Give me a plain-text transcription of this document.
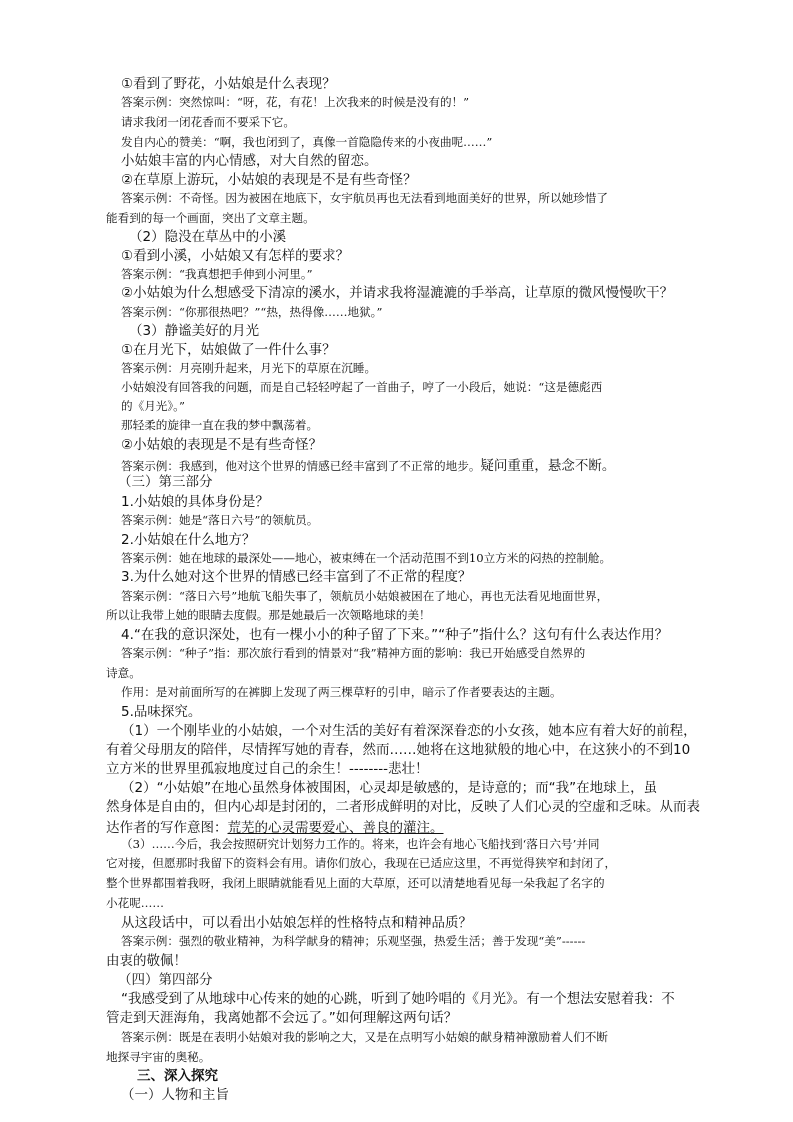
①看到了野花，小姑娘是什么表现？
答案示例：突然惊叫：“呀，花，有花！上次我来的时候是没有的！”
请求我闭一闭花香而不要采下它。
发自内心的赞美：“啊，我也闭到了，真像一首隐隐传来的小夜曲呢……”
小姑娘丰富的内心情感，对大自然的留恋。
②在草原上游玩，小姑娘的表现是不是有些奇怪？
答案示例：不奇怪。因为被困在地底下，女宇航员再也无法看到地面美好的世界，所以她珍惜了
能看到的每一个画面，突出了文章主题。
（2）隐没在草丛中的小溪
①看到小溪，小姑娘又有怎样的要求？
答案示例：“我真想把手伸到小河里。”
②小姑娘为什么想感受下清凉的溪水，并请求我将湿漉漉的手举高，让草原的微风慢慢吹干？
答案示例：“你那很热吧？”“热，热得像……地狱。”
（3）静谧美好的月光
①在月光下，姑娘做了一件什么事？
答案示例：月亮刚升起来，月光下的草原在沉睡。
小姑娘没有回答我的问题，而是自己轻轻哼起了一首曲子，哼了一小段后，她说：“这是德彪西
的《月光》。”
那轻柔的旋律一直在我的梦中飘荡着。
②小姑娘的表现是不是有些奇怪？
答案示例：我感到，他对这个世界的情感已经丰富到了不正常的地步。疑问重重，悬念不断。
（三）第三部分
1.小姑娘的具体身份是？
答案示例：她是“落日六号”的领航员。
2.小姑娘在什么地方？
答案示例：她在地球的最深处——地心，被束缚在一个活动范围不到10立方米的闷热的控制舱。
3.为什么她对这个世界的情感已经丰富到了不正常的程度？
答案示例：“落日六号”地航飞船失事了，领航员小姑娘被困在了地心，再也无法看见地面世界，
所以让我带上她的眼睛去度假。那是她最后一次领略地球的美！
4.“在我的意识深处，也有一棵小小的种子留了下来。”“种子”指什么？这句有什么表达作用？
答案示例：“种子”指：那次旅行看到的情景对“我”精神方面的影响：我已开始感受自然界的
诗意。
作用：是对前面所写的在裤脚上发现了两三棵草籽的引申，暗示了作者要表达的主题。
5.品味探究。
（1）一个刚毕业的小姑娘，一个对生活的美好有着深深眷恋的小女孩，她本应有着大好的前程，
有着父母朋友的陪伴，尽情挥写她的青春，然而……她将在这地狱般的地心中，在这狭小的不到10
立方米的世界里孤寂地度过自己的余生！--------悲壮！
（2）“小姑娘”在地心虽然身体被围困，心灵却是敏感的，是诗意的；而“我”在地球上，虽
然身体是自由的，但内心却是封闭的，二者形成鲜明的对比，反映了人们心灵的空虚和乏味。从而表
达作者的写作意图：荒芜的心灵需要爱心、善良的灌注。
（3）……今后，我会按照研究计划努力工作的。将来，也许会有地心飞船找到‘落日六号’并同
它对接，但愿那时我留下的资料会有用。请你们放心，我现在已适应这里，不再觉得狭窄和封闭了，
整个世界都围着我呀，我闭上眼睛就能看见上面的大草原，还可以清楚地看见每一朵我起了名字的
小花呢……
从这段话中，可以看出小姑娘怎样的性格特点和精神品质？
答案示例：强烈的敬业精神，为科学献身的精神；乐观坚强，热爱生活；善于发现“美”------
由衷的敬佩！
（四）第四部分
“我感受到了从地球中心传来的她的心跳，听到了她吟唱的《月光》。有一个想法安慰着我：不
管走到天涯海角，我离她都不会远了。”如何理解这两句话？
答案示例：既是在表明小姑娘对我的影响之大，又是在点明写小姑娘的献身精神激励着人们不断
地探寻宇宙的奥秘。
三、深入探究
（一）人物和主旨
